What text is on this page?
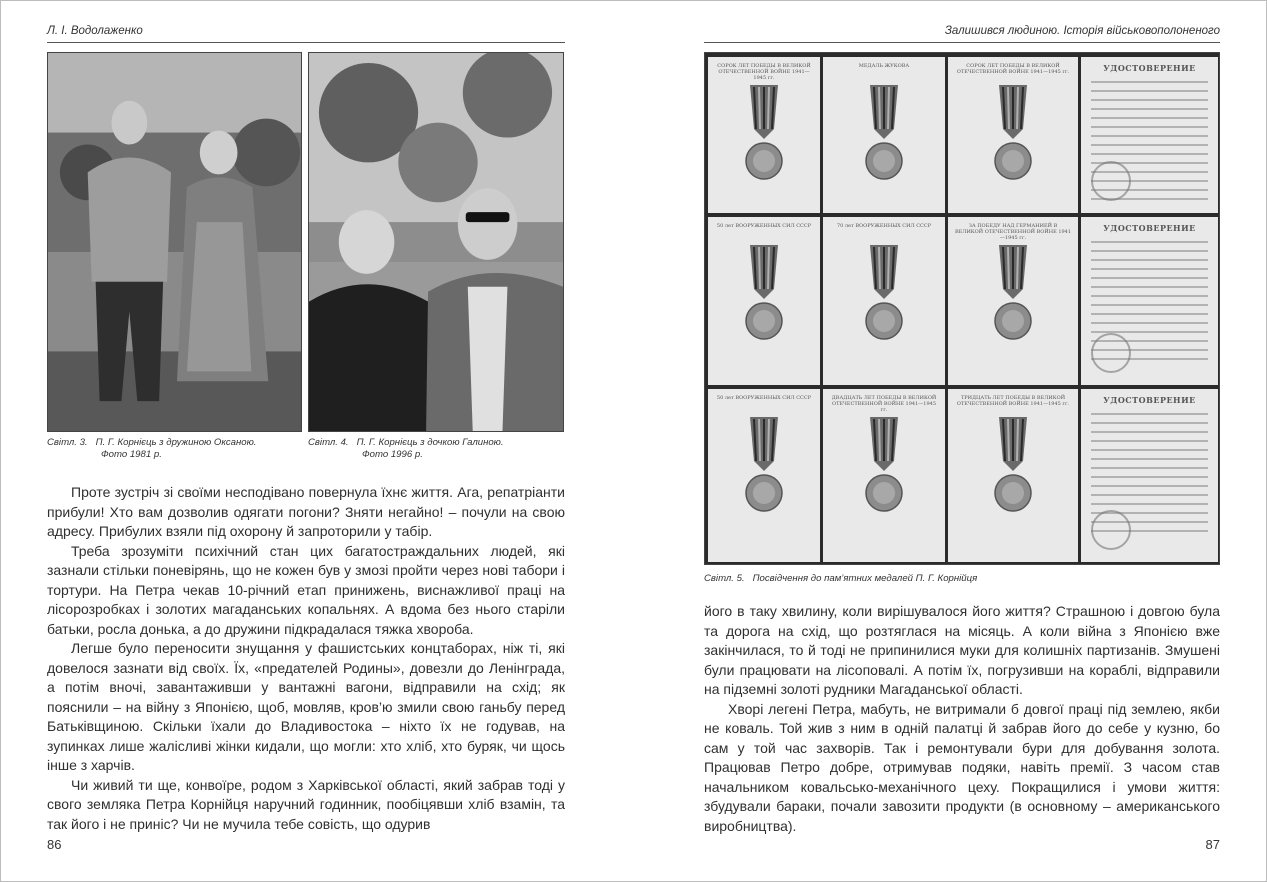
Л. І. Водолаженко
Світл. 3. П. Г. Корнієць з дружиною Оксаною.
Фото 1981 р.
Світл. 4. П. Г. Корнієць з дочкою Галиною.
Фото 1996 р.

Проте зустріч зі своїми несподівано повернула їхнє життя. Ага, репатріанти прибули! Хто вам дозволив одягати погони? Зняти негайно! – почули на свою адресу. Прибулих взяли під охорону й запроторили у табір.

Треба зрозуміти психічний стан цих багатостраждальних людей, які зазнали стільки поневірянь, що не кожен був у змозі пройти через нові табори і тортури. На Петра чекав 10-річний етап принижень, виснажливої праці на лісорозробках і золотих магаданських копальнях. А вдома без нього старіли батьки, росла донька, а до дружини підкрадалася тяжка хвороба.

Легше було переносити знущання у фашистських концтаборах, ніж ті, які довелося зазнати від своїх. Їх, «предателей Родины», довезли до Ленінграда, а потім вночі, завантаживши у вантажні вагони, відправили на схід; як пояснили – на війну з Японією, щоб, мовляв, кров’ю змили свою ганьбу перед Батьківщиною. Скільки їхали до Владивостока – ніхто їх не годував, на зупинках лише жалісливі жінки кидали, що могли: хто хліб, хто буряк, чи щось інше з харчів.

Чи живий ти ще, конвоїре, родом з Харківської області, який забрав тоді у свого земляка Петра Корнійця наручний годинник, пообіцявши хліб взамін, та так його і не приніс? Чи не мучила тебе совість, що одурив

86
Залишився людиною. Історія військовополоненого
СОРОК ЛЕТ ПОБЕДЫ В ВЕЛИКОЙ ОТЕЧЕСТВЕННОЙ ВОЙНЕ 1941—1945 гг.
МЕДАЛЬ ЖУКОВА	СОРОК ЛЕТ ПОБЕДЫ В ВЕЛИКОЙ ОТЕЧЕСТВЕННОЙ ВОЙНЕ 1941—1945 гг.	УДОСТОВЕРЕНИЕ
50 лет ВООРУЖЕННЫХ СИЛ СССР	70 лет ВООРУЖЕННЫХ СИЛ СССР	ЗА ПОБЕДУ НАД ГЕРМАНИЕЙ В ВЕЛИКОЙ ОТЕЧЕСТВЕННОЙ ВОЙНЕ 1941—1945 гг.
УДОСТОВЕРЕНИЕ
50 лет ВООРУЖЕННЫХ СИЛ СССР	ДВАДЦАТЬ ЛЕТ ПОБЕДЫ В ВЕЛИКОЙ ОТЕЧЕСТВЕННОЙ ВОЙНЕ 1941—1945 гг.
ТРИДЦАТЬ ЛЕТ ПОБЕДЫ В ВЕЛИКОЙ ОТЕЧЕСТВЕННОЙ ВОЙНЕ 1941—1945 гг.	УДОСТОВЕРЕНИЕ
Світл. 5. Посвідчення до пам’ятних медалей П. Г. Корнійця

його в таку хвилину, коли вирішувалося його життя? Страшною і довгою була та дорога на схід, що розтяглася на місяць. А коли війна з Японією вже закінчилася, то й тоді не припинилися муки для колишніх партизанів. Змушені були працювати на лісоповалі. А потім їх, погрузивши на кораблі, відправили на підземні золоті рудники Магаданської області.

Хворі легені Петра, мабуть, не витримали б довгої праці під землею, якби не коваль. Той жив з ним в одній палатці й забрав його до себе у кузню, бо сам у той час захворів. Так і ремонтували бури для добування золота. Працював Петро добре, отримував подяки, навіть премії. З часом став начальником ковальсько-механічного цеху. Покращилися і умови життя: збудували бараки, почали завозити продукти (в основному – американського виробництва).

87
